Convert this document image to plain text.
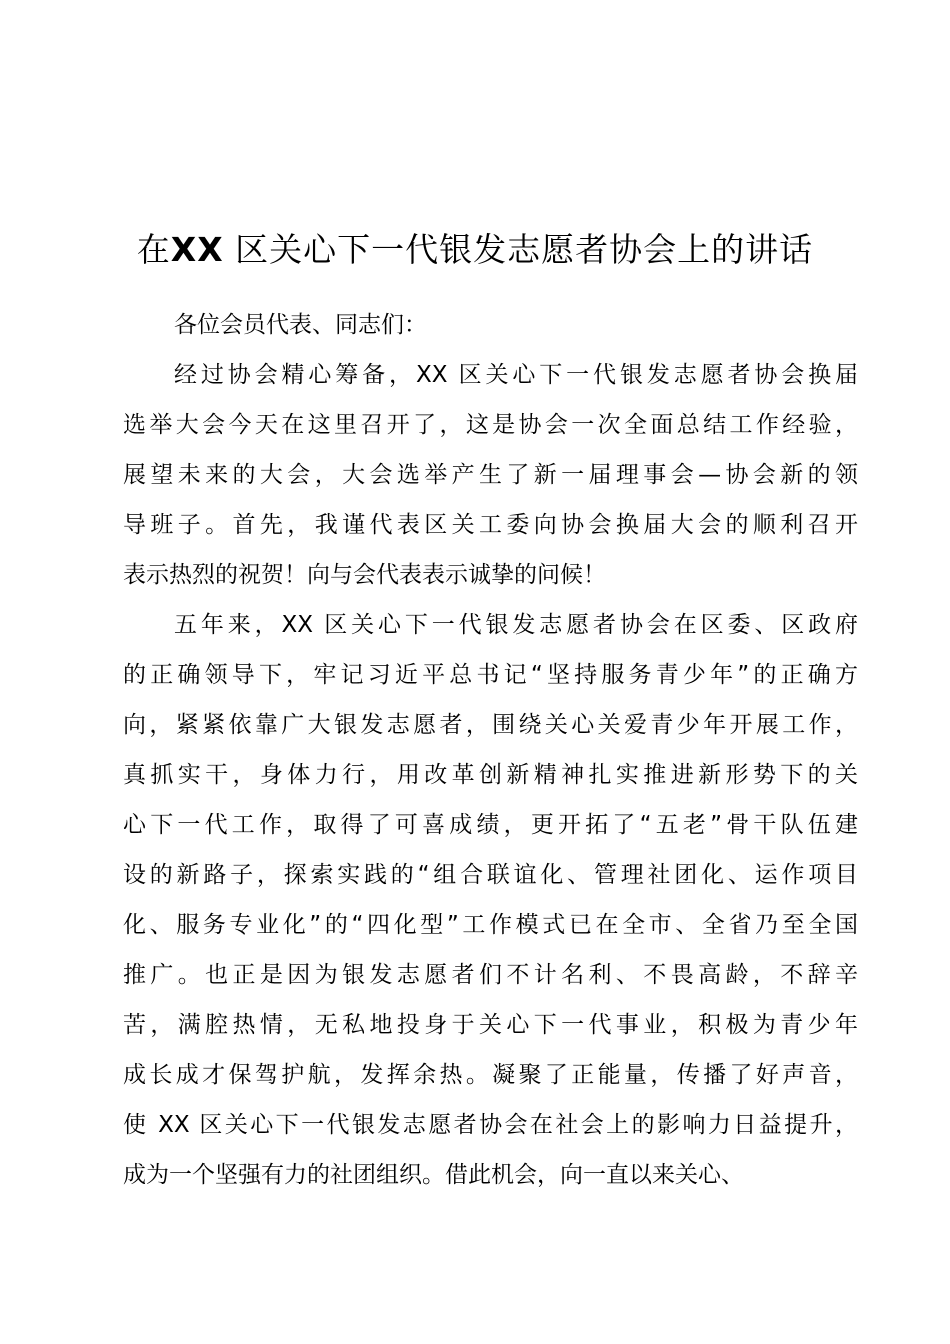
在XX 区关心下一代银发志愿者协会上的讲话
各位会员代表、同志们：
经过协会精心筹备，XX 区关心下一代银发志愿者协会换届
选举大会今天在这里召开了，这是协会一次全面总结工作经验，
展望未来的大会，大会选举产生了新一届理事会—协会新的领
导班子。首先，我谨代表区关工委向协会换届大会的顺利召开
表示热烈的祝贺！向与会代表表示诚挚的问候！
五年来，XX 区关心下一代银发志愿者协会在区委、区政府
的正确领导下，牢记习近平总书记“坚持服务青少年”的正确方
向，紧紧依靠广大银发志愿者，围绕关心关爱青少年开展工作，
真抓实干，身体力行，用改革创新精神扎实推进新形势下的关
心下一代工作，取得了可喜成绩，更开拓了“五老”骨干队伍建
设的新路子，探索实践的“组合联谊化、管理社团化、运作项目
化、服务专业化”的“四化型”工作模式已在全市、全省乃至全国
推广。也正是因为银发志愿者们不计名利、不畏高龄，不辞辛
苦，满腔热情，无私地投身于关心下一代事业，积极为青少年
成长成才保驾护航，发挥余热。凝聚了正能量，传播了好声音，
使 XX 区关心下一代银发志愿者协会在社会上的影响力日益提升，
成为一个坚强有力的社团组织。借此机会，向一直以来关心、
